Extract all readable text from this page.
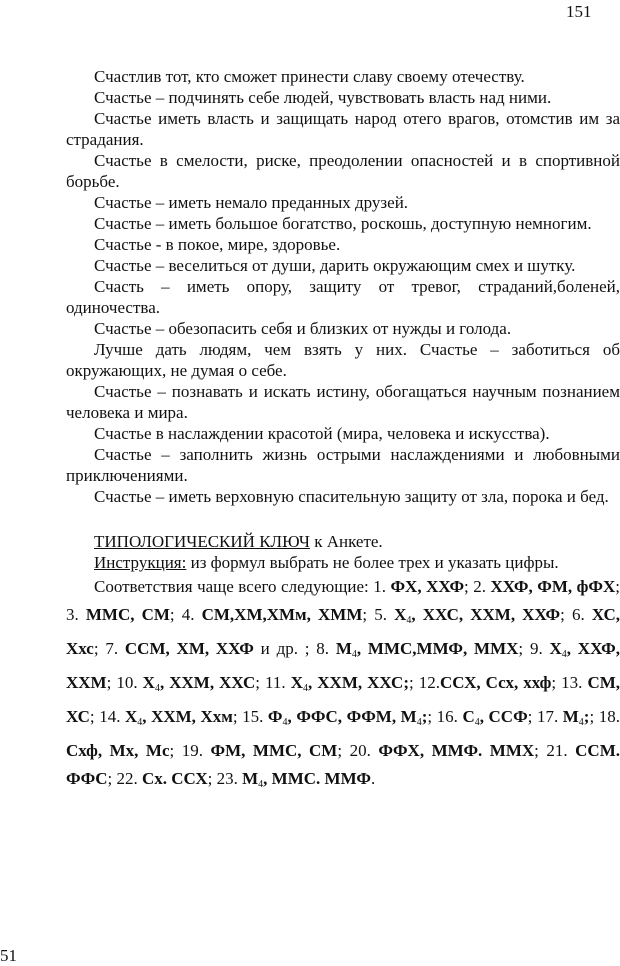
151

Счастлив тот, кто сможет принести славу своему отечеству.

Счастье – подчинять себе людей, чувствовать власть над ними.

Счастье иметь власть и защищать народ отего врагов, отомстив им за страдания.

Счастье в смелости, риске, преодолении опасностей и в спортивной борьбе.

Счастье – иметь немало преданных друзей.

Счастье – иметь большое богатство, роскошь, доступную немногим.

Счастье - в покое, мире, здоровье.

Счастье – веселиться от души, дарить окружающим смех и шутку.

Счасть – иметь опору, защиту от тревог, страданий,боленей, одиночества.

Счастье – обезопасить себя и близких от нужды и голода.

Лучше дать людям, чем взять у них. Счастье – заботиться об окружающих, не думая о себе.

Счастье – познавать и искать истину, обогащаться научным познанием человека и мира.

Счастье в наслаждении красотой (мира, человека и искусства).

Счастье – заполнить жизнь острыми наслаждениями и любовными приключениями.

Счастье – иметь верховную спасительную защиту от зла, порока и бед.

ТИПОЛОГИЧЕСКИЙ КЛЮЧ к Анкете.

Инструкция: из формул выбрать не более трех и указать цифры.

Соответствия чаще всего следующие: 1. ФХ, ХХФ; 2. ХХФ, ФМ, фФХ; 3. ММС, СМ; 4. СМ,ХМ,ХМм, ХММ; 5. $Х_4$, ХХС, ХХМ, ХХФ; 6. ХС, Ххс; 7. ССМ, ХМ, ХХФ и др. ; 8. $М_4$, ММС,ММФ, ММХ; 9. $Х_4$, ХХФ, ХХМ; 10. $Х_4$, ХХМ, ХХС; 11. $Х_4$, ХХМ, ХХС;; 12.ССХ, Ссх, ххф; 13. СМ, ХС; 14. $Х_4$, ХХМ, Ххм; 15. $Ф_4$, ФФС, ФФМ, $М_4$;; 16. $С_4$, ССФ; 17. $М_4$;; 18. Схф, Мх, Мс; 19. ФМ, ММС, СМ; 20. ФФХ, ММФ. ММХ; 21. ССМ. ФФС; 22. Сх. ССХ; 23. $М_4$, ММС. ММФ.

51
